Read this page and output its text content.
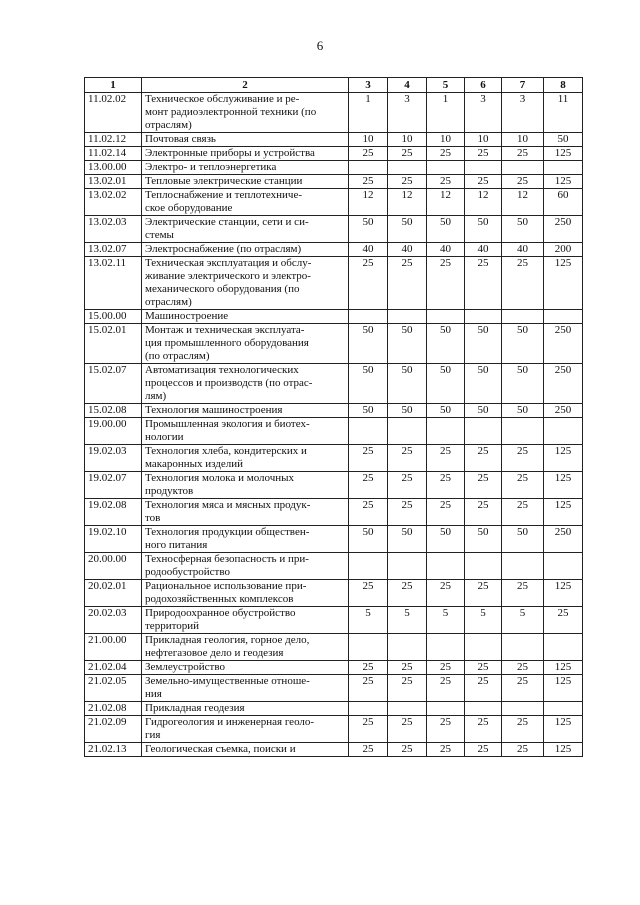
6
1	2	3	4	5	6	7	8
11.02.02	Техническое обслуживание и ре-
монт радиоэлектронной техники (по
отраслям)	1	3	1	3	3	11
11.02.12	Почтовая связь	10	10	10	10	10	50
11.02.14	Электронные приборы и устройства	25	25	25	25	25	125
13.00.00	Электро- и теплоэнергетика						

13.02.01	Тепловые электрические станции	25	25	25	25	25	125
13.02.02	Теплоснабжение и теплотехниче-
ское оборудование	12	12	12	12	12	60
13.02.03	Электрические станции, сети и си-
стемы	50	50	50	50	50	250
13.02.07	Электроснабжение (по отраслям)	40	40	40	40	40	200
13.02.11	Техническая эксплуатация и обслу-
живание электрического и электро-
механического оборудования (по
отраслям)	25	25	25	25	25	125
15.00.00	Машиностроение						

15.02.01	Монтаж и техническая эксплуата-
ция промышленного оборудования
(по отраслям)	50	50	50	50	50	250
15.02.07	Автоматизация технологических
процессов и производств (по отрас-
лям)	50	50	50	50	50	250
15.02.08	Технология машиностроения	50	50	50	50	50	250
19.00.00	Промышленная экология и биотех-
нологии						

19.02.03	Технология хлеба, кондитерских и
макаронных изделий	25	25	25	25	25	125
19.02.07	Технология молока и молочных
продуктов	25	25	25	25	25	125
19.02.08	Технология мяса и мясных продук-
тов	25	25	25	25	25	125
19.02.10	Технология продукции обществен-
ного питания	50	50	50	50	50	250
20.00.00	Техносферная безопасность и при-
родообустройство						

20.02.01	Рациональное использование при-
родохозяйственных комплексов	25	25	25	25	25	125
20.02.03	Природоохранное обустройство
территорий	5	5	5	5	5	25
21.00.00	Прикладная геология, горное дело,
нефтегазовое дело и геодезия						

21.02.04	Землеустройство	25	25	25	25	25	125
21.02.05	Земельно-имущественные отноше-
ния	25	25	25	25	25	125
21.02.08	Прикладная геодезия						

21.02.09	Гидрогеология и инженерная геоло-
гия	25	25	25	25	25	125
21.02.13	Геологическая съемка, поиски и	25	25	25	25	25	125
